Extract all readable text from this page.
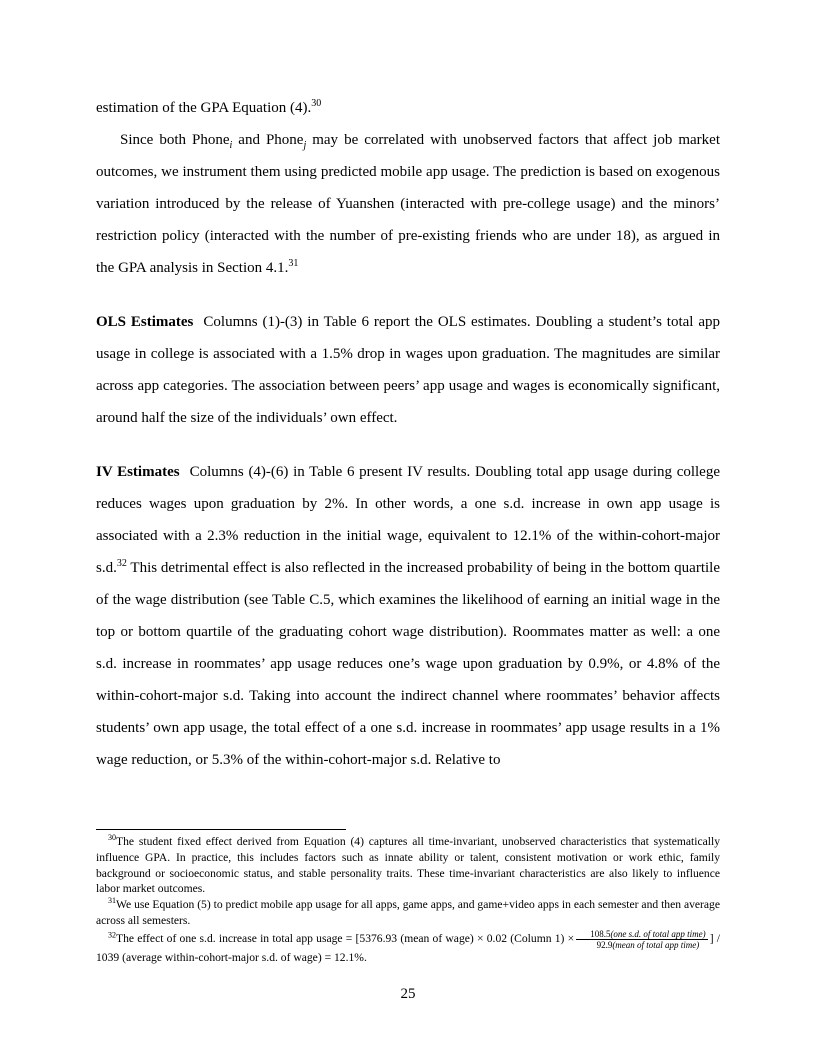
estimation of the GPA Equation (4).$^{30}$

Since both Phone$_i$ and Phone$_j$ may be correlated with unobserved factors that affect job market outcomes, we instrument them using predicted mobile app usage. The prediction is based on exogenous variation introduced by the release of Yuanshen (interacted with pre-college usage) and the minors’ restriction policy (interacted with the number of pre-existing friends who are under 18), as argued in the GPA analysis in Section 4.1.31

OLS Estimates Columns (1)-(3) in Table 6 report the OLS estimates. Doubling a student’s total app usage in college is associated with a 1.5% drop in wages upon graduation. The magnitudes are similar across app categories. The association between peers’ app usage and wages is economically significant, around half the size of the individuals’ own effect.

IV Estimates Columns (4)-(6) in Table 6 present IV results. Doubling total app usage during college reduces wages upon graduation by 2%. In other words, a one s.d. increase in own app usage is associated with a 2.3% reduction in the initial wage, equivalent to 12.1% of the within-cohort-major s.d.$^{32}$ This detrimental effect is also reflected in the increased probability of being in the bottom quartile of the wage distribution (see Table C.5, which examines the likelihood of earning an initial wage in the top or bottom quartile of the graduating cohort wage distribution). Roommates matter as well: a one s.d. increase in roommates’ app usage reduces one’s wage upon graduation by 0.9%, or 4.8% of the within-cohort-major s.d. Taking into account the indirect channel where roommates’ behavior affects students’ own app usage, the total effect of a one s.d. increase in roommates’ app usage results in a 1% wage reduction, or 5.3% of the within-cohort-major s.d. Relative to

$^{30}$The student fixed effect derived from Equation (4) captures all time-invariant, unobserved characteristics that systematically influence GPA. In practice, this includes factors such as innate ability or talent, consistent motivation or work ethic, family background or socioeconomic status, and stable personality traits. These time-invariant characteristics are also likely to influence labor market outcomes.

$^{31}$We use Equation (5) to predict mobile app usage for all apps, game apps, and game+video apps in each semester and then average across all semesters.

$^{32}$The effect of one s.d. increase in total app usage = [5376.93 (mean of wage) × 0.02 (Column $1) \times \frac{\text{108.5(one s.d. of total app time)}}{\text{92.9(mean of total app time)}}$ ] / 1039 (average within-cohort-major s.d. of wage) = 12.1%.

25
